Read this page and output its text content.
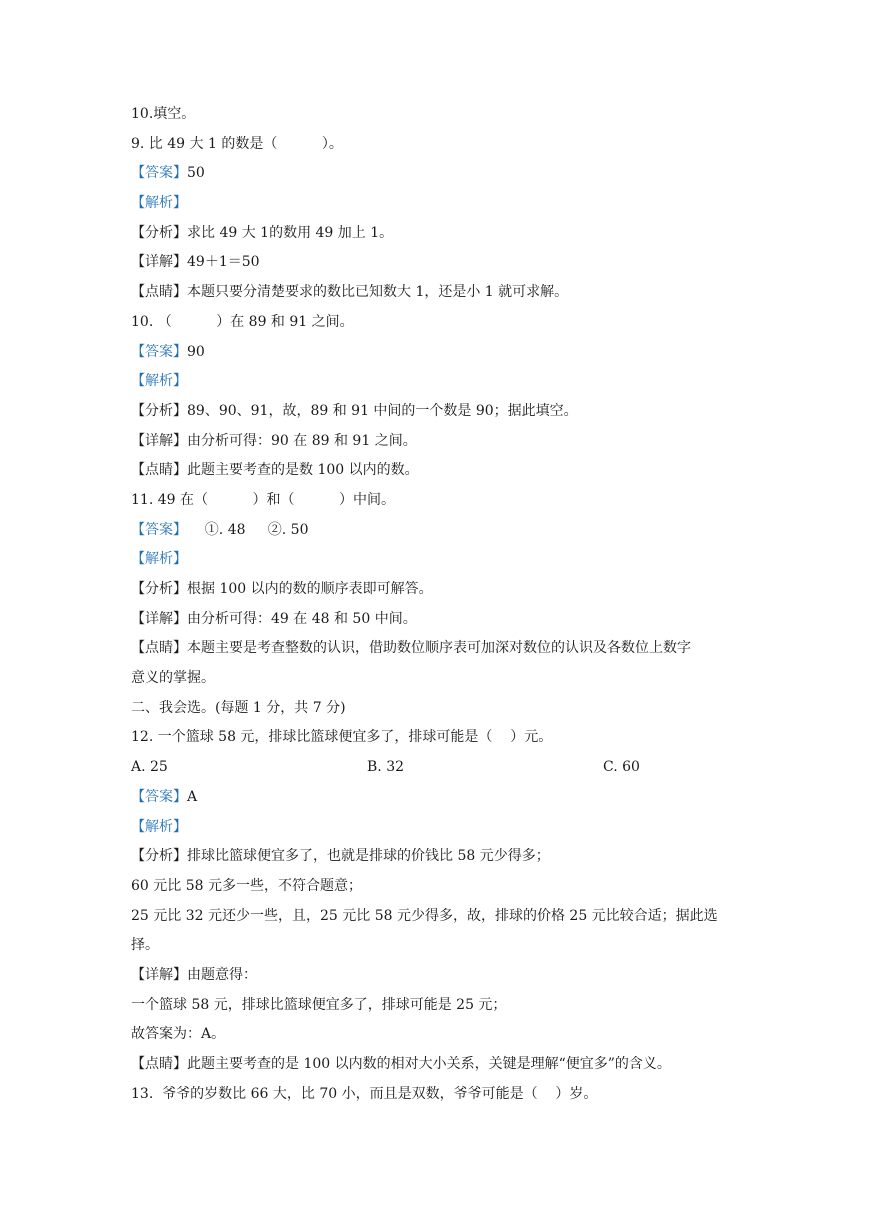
10.填空。
9. 比 49 大 1 的数是（          ）。
【答案】50
【解析】
【分析】求比 49 大 1的数用 49 加上 1。
【详解】49＋1＝50
【点睛】本题只要分清楚要求的数比已知数大 1，还是小 1 就可求解。
10. （          ）在 89 和 91 之间。
【答案】90
【解析】
【分析】89、90、91，故，89 和 91 中间的一个数是 90；据此填空。
【详解】由分析可得：90 在 89 和 91 之间。
【点睛】此题主要考查的是数 100 以内的数。
11. 49 在（          ）和（          ）中间。
【答案】    ①. 48     ②. 50
【解析】
【分析】根据 100 以内的数的顺序表即可解答。
【详解】由分析可得：49 在 48 和 50 中间。
【点睛】本题主要是考查整数的认识，借助数位顺序表可加深对数位的认识及各数位上数字
意义的掌握。
二、我会选。(每题 1 分，共 7 分)
12. 一个篮球 58 元，排球比篮球便宜多了，排球可能是（    ）元。
A. 25	B. 32	C. 60
【答案】A
【解析】
【分析】排球比篮球便宜多了，也就是排球的价钱比 58 元少得多；
60 元比 58 元多一些，不符合题意；
25 元比 32 元还少一些，且，25 元比 58 元少得多，故，排球的价格 25 元比较合适；据此选
择。
【详解】由题意得：
一个篮球 58 元，排球比篮球便宜多了，排球可能是 25 元；
故答案为：A。
【点睛】此题主要考查的是 100 以内数的相对大小关系，关键是理解“便宜多”的含义。
13.  爷爷的岁数比 66 大，比 70 小，而且是双数，爷爷可能是（    ）岁。
